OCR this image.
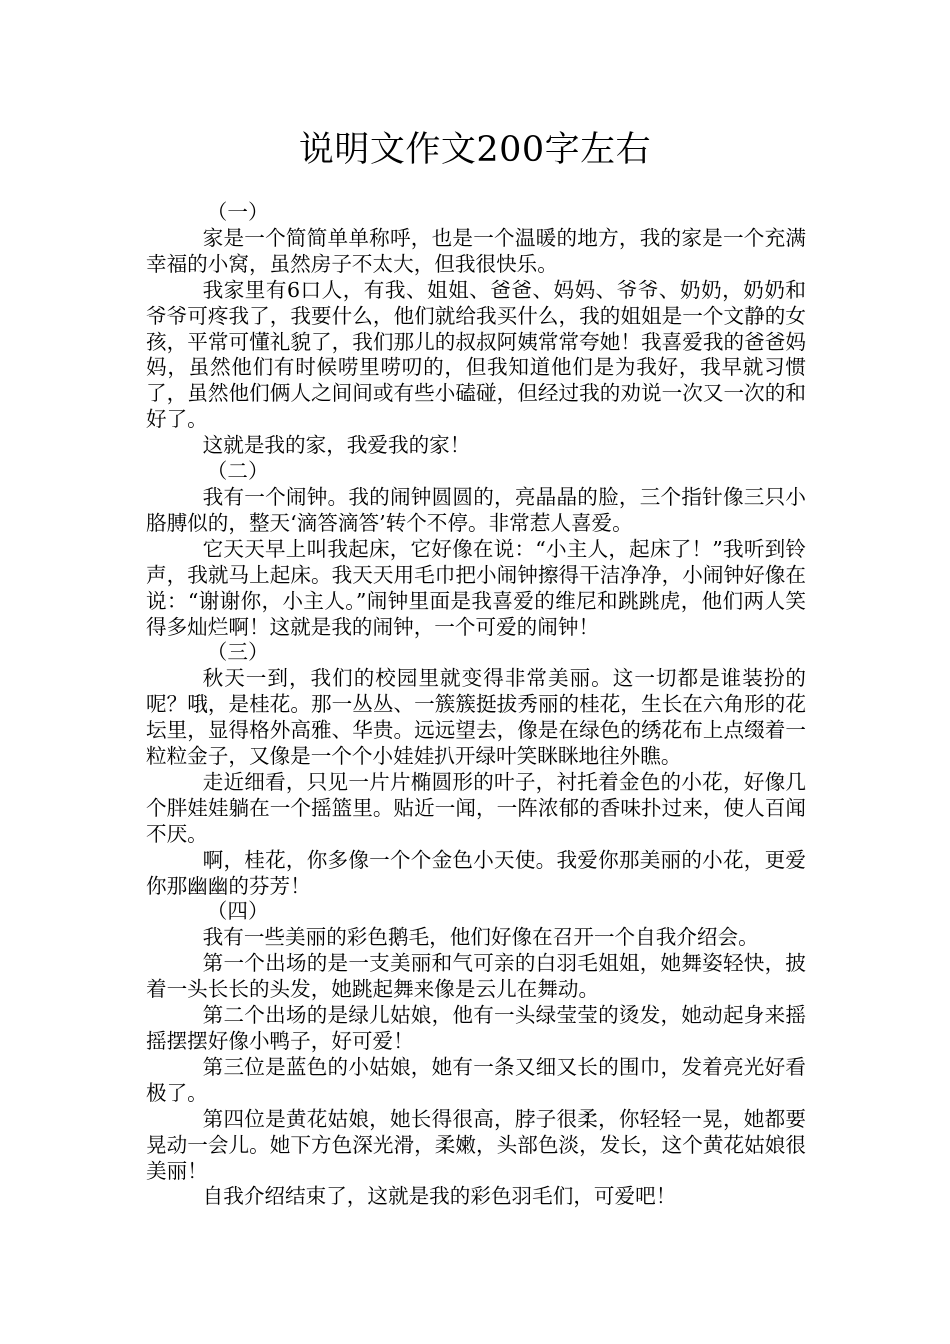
说明文作文200字左右

（一）

家是一个简简单单称呼，也是一个温暖的地方，我的家是一个充满幸福的小窝，虽然房子不太大，但我很快乐。

我家里有6口人，有我、姐姐、爸爸、妈妈、爷爷、奶奶，奶奶和爷爷可疼我了，我要什么，他们就给我买什么，我的姐姐是一个文静的女孩，平常可懂礼貌了，我们那儿的叔叔阿姨常常夸她！我喜爱我的爸爸妈妈，虽然他们有时候唠里唠叨的，但我知道他们是为我好，我早就习惯了，虽然他们俩人之间间或有些小磕碰，但经过我的劝说一次又一次的和好了。

这就是我的家，我爱我的家！

（二）

我有一个闹钟。我的闹钟圆圆的，亮晶晶的脸，三个指针像三只小胳膊似的，整天‘滴答滴答’转个不停。非常惹人喜爱。

它天天早上叫我起床，它好像在说：“小主人，起床了！”我听到铃声，我就马上起床。我天天用毛巾把小闹钟擦得干洁净净，小闹钟好像在说：“谢谢你，小主人。”闹钟里面是我喜爱的维尼和跳跳虎，他们两人笑得多灿烂啊！这就是我的闹钟，一个可爱的闹钟！

（三）

秋天一到，我们的校园里就变得非常美丽。这一切都是谁装扮的呢？哦，是桂花。那一丛丛、一簇簇挺拔秀丽的桂花，生长在六角形的花坛里，显得格外高雅、华贵。远远望去，像是在绿色的绣花布上点缀着一粒粒金子，又像是一个个小娃娃扒开绿叶笑眯眯地往外瞧。

走近细看，只见一片片椭圆形的叶子，衬托着金色的小花，好像几个胖娃娃躺在一个摇篮里。贴近一闻，一阵浓郁的香味扑过来，使人百闻不厌。

啊，桂花，你多像一个个金色小天使。我爱你那美丽的小花，更爱你那幽幽的芬芳！

（四）

我有一些美丽的彩色鹅毛，他们好像在召开一个自我介绍会。

第一个出场的是一支美丽和气可亲的白羽毛姐姐，她舞姿轻快，披着一头长长的头发，她跳起舞来像是云儿在舞动。

第二个出场的是绿儿姑娘，他有一头绿莹莹的烫发，她动起身来摇摇摆摆好像小鸭子，好可爱！

第三位是蓝色的小姑娘，她有一条又细又长的围巾，发着亮光好看极了。

第四位是黄花姑娘，她长得很高，脖子很柔，你轻轻一晃，她都要晃动一会儿。她下方色深光滑，柔嫩，头部色淡，发长，这个黄花姑娘很美丽！

自我介绍结束了，这就是我的彩色羽毛们，可爱吧！
